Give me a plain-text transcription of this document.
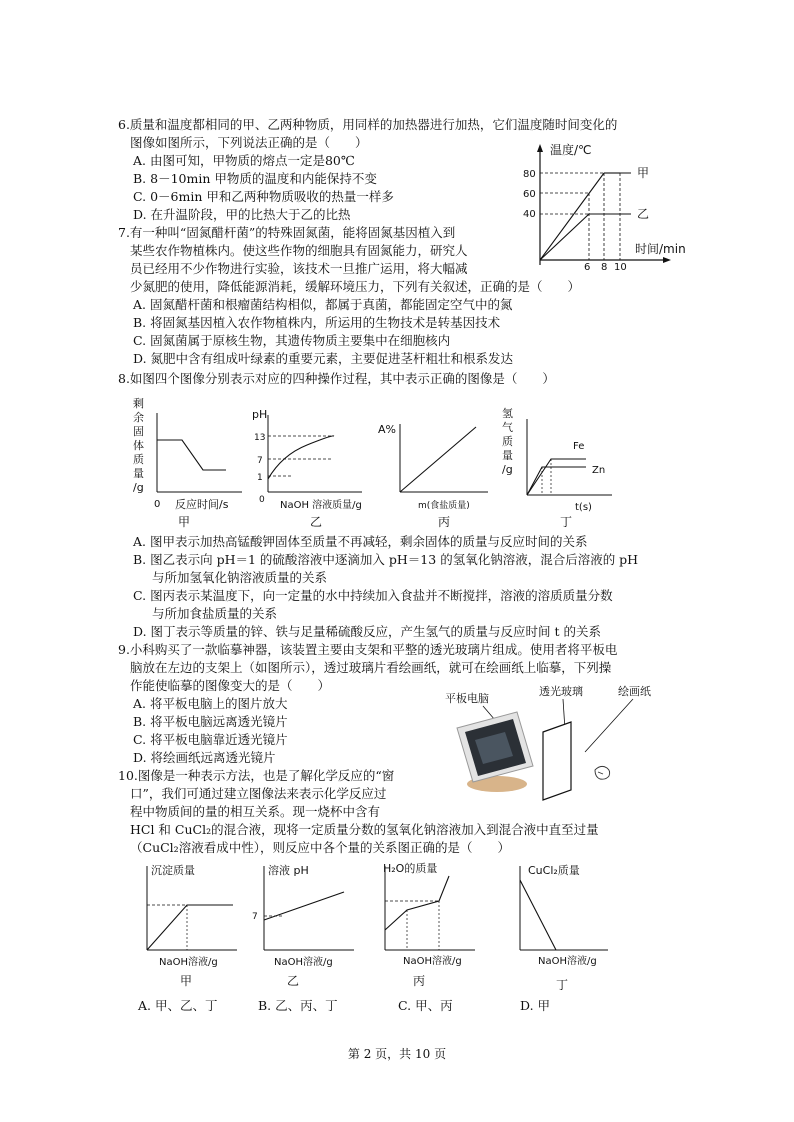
6.质量和温度都相同的甲、乙两种物质，用同样的加热器进行加热，它们温度随时间变化的
图像如图所示，下列说法正确的是（　　）
A. 由图可知，甲物质的熔点一定是80℃
B. 8－10min 甲物质的温度和内能保持不变
C. 0－6min 甲和乙两种物质吸收的热量一样多
D. 在升温阶段，甲的比热大于乙的比热
温度/℃
时间/min
80
60
40
6 8 10
甲
乙
7.有一种叫“固氮醋杆菌”的特殊固氮菌，能将固氮基因植入到
某些农作物植株内。使这些作物的细胞具有固氮能力，研究人
员已经用不少作物进行实验，该技术一旦推广运用，将大幅减
少氮肥的使用，降低能源消耗，缓解环境压力，下列有关叙述，正确的是（　　）
A. 固氮醋杆菌和根瘤菌结构相似，都属于真菌，都能固定空气中的氮
B. 将固氮基因植入农作物植株内，所运用的生物技术是转基因技术
C. 固氮菌属于原核生物，其遗传物质主要集中在细胞核内
D. 氮肥中含有组成叶绿素的重要元素，主要促进茎杆粗壮和根系发达
8.如图四个图像分别表示对应的四种操作过程，其中表示正确的图像是（　　）
剩
余
固
体
质
量
/g
0 反应时间/s
甲
pH
13
7
1
0 NaOH 溶液质量/g
乙
A%
m(食盐质量)
丙
氢
气
质
量
/g
Fe
Zn
t(s)
丁
A. 图甲表示加热高锰酸钾固体至质量不再减轻，剩余固体的质量与反应时间的关系
B. 图乙表示向 pH＝1 的硫酸溶液中逐滴加入 pH＝13 的氢氧化钠溶液，混合后溶液的 pH
与所加氢氧化钠溶液质量的关系
C. 图丙表示某温度下，向一定量的水中持续加入食盐并不断搅拌，溶液的溶质质量分数
与所加食盐质量的关系
D. 图丁表示等质量的锌、铁与足量稀硫酸反应，产生氢气的质量与反应时间 t 的关系
9.小科购买了一款临摹神器，该装置主要由支架和平整的透光玻璃片组成。使用者将平板电
脑放在左边的支架上（如图所示），透过玻璃片看绘画纸，就可在绘画纸上临摹，下列操
作能使临摹的图像变大的是（　　）
A. 将平板电脑上的图片放大
B. 将平板电脑远离透光镜片
C. 将平板电脑靠近透光镜片
D. 将绘画纸远离透光镜片
平板电脑
透光玻璃	绘画纸
10.图像是一种表示方法，也是了解化学反应的“窗
口”，我们可通过建立图像法来表示化学反应过
程中物质间的量的相互关系。现一烧杯中含有
HCl 和 CuCl₂的混合液，现将一定质量分数的氢氧化钠溶液加入到混合液中直至过量
（CuCl₂溶液看成中性），则反应中各个量的关系图正确的是（　　）
沉淀质量
NaOH溶液/g
甲
溶液 pH
7
NaOH溶液/g
乙
H₂O的质量
NaOH溶液/g
丙
CuCl₂质量
NaOH溶液/g
丁
A. 甲、乙、丁	B. 乙、丙、丁	C. 甲、丙	D. 甲
第 2 页，共 10 页
